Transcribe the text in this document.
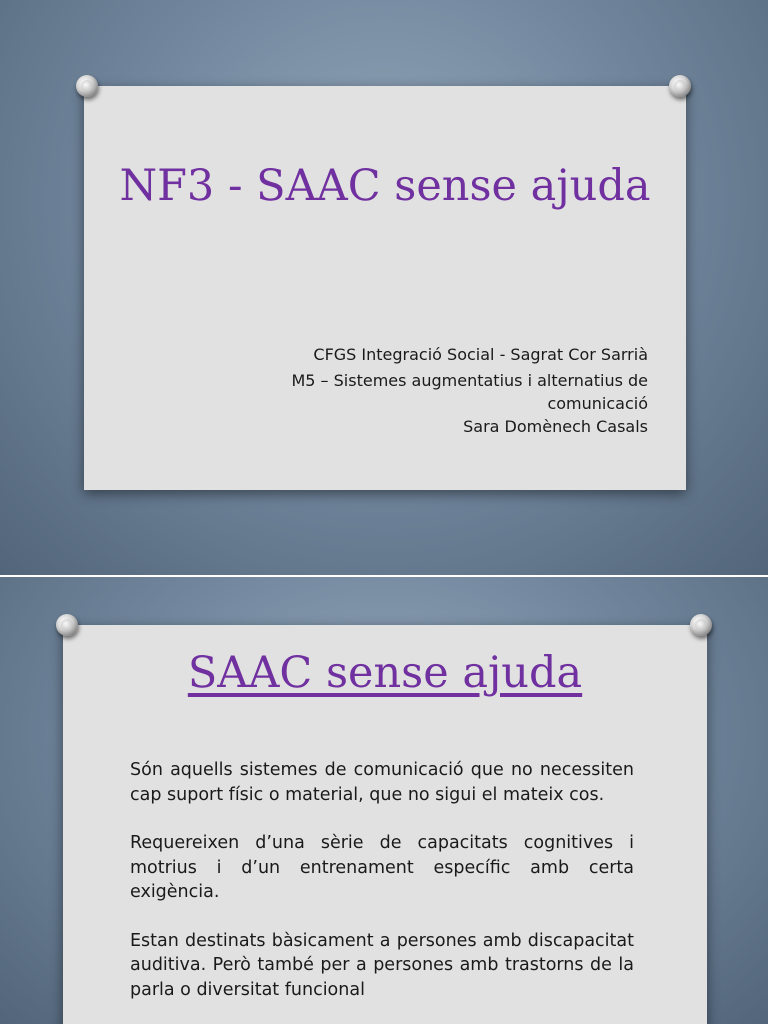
NF3 - SAAC sense ajuda
CFGS Integració Social - Sagrat Cor Sarrià
M5 – Sistemes augmentatius i alternatius de comunicació
Sara Domènech Casals
SAAC sense ajuda

Són aquells sistemes de comunicació que no necessiten cap suport físic o material, que no sigui el mateix cos.

Requereixen d’una sèrie de capacitats cognitives i motrius i d’un entrenament específic amb certa exigència.

Estan destinats bàsicament a persones amb discapacitat auditiva. Però també per a persones amb trastorns de la parla o diversitat funcional
